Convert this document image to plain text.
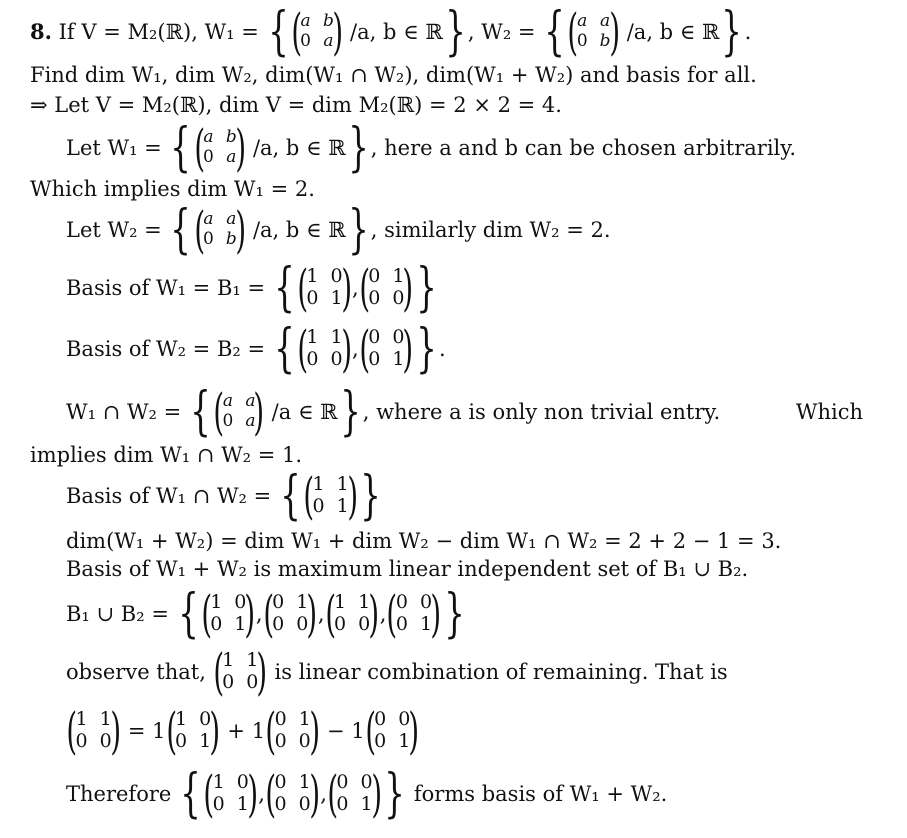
8. If V = M₂(ℝ), W₁ = { (
a b
0 a
) /a, b ∈ ℝ } , W₂ = { (
a a
0 b
) /a, b ∈ ℝ } .
Find dim W₁, dim W₂, dim(W₁ ∩ W₂), dim(W₁ + W₂) and basis for all.
⇒ Let V = M₂(ℝ), dim V = dim M₂(ℝ) = 2 × 2 = 4.
Let W₁ = { (
a b
0 a
) /a, b ∈ ℝ } , here a and b can be chosen arbitrarily.
Which implies dim W₁ = 2.
Let W₂ = { (
a a
0 b
) /a, b ∈ ℝ } , similarly dim W₂ = 2.
Basis of W₁ = B₁ = { (
1 0
0 1
) , (
0 1
0 0
) }
Basis of W₂ = B₂ = { (
1 1
0 0
) , (
0 0
0 1
) } .
W₁ ∩ W₂ = { (
a a
0 a
) /a ∈ ℝ } , where a is only non trivial entry.	Which
implies dim W₁ ∩ W₂ = 1.
Basis of W₁ ∩ W₂ = { (
1 1
0 1
) }
dim(W₁ + W₂) = dim W₁ + dim W₂ − dim W₁ ∩ W₂ = 2 + 2 − 1 = 3.
Basis of W₁ + W₂ is maximum linear independent set of B₁ ∪ B₂.
B₁ ∪ B₂ = { (
1 0
0 1
) , (
0 1
0 0
) , (
1 1
0 0
) , (
0 0
0 1
) }
observe that, (
1 1
0 0
) is linear combination of remaining. That is
(
1 1
0 0
) = 1 (
1 0
0 1
) + 1 (
0 1
0 0
) − 1 (
0 0
0 1
)
Therefore { (
1 0
0 1
) , (
0 1
0 0
) , (
0 0
0 1
) } forms basis of W₁ + W₂.
